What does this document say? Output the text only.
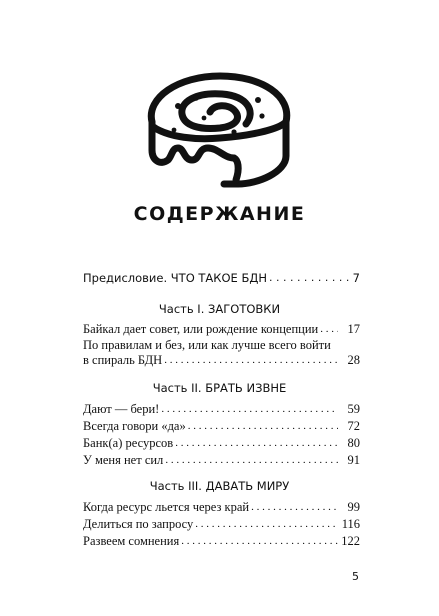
СОДЕРЖАНИЕ
Предисловие. ЧТО ТАКОЕ БДН . . .	7
Часть I. ЗАГОТОВКИ
Байкал дает совет, или рождение концепции . . .	17
По правилам и без, или как лучше всего войти
в спираль БДН . . .	28
Часть II. БРАТЬ ИЗВНЕ
Дают — бери! . . .	59
Всегда говори «да» . . .	72
Банк(а) ресурсов . . .	80
У меня нет сил . . .	91
Часть III. ДАВАТЬ МИРУ
Когда ресурс льется через край . . .	99
Делиться по запросу . . .	116
Развеем сомнения . . .	122
5
